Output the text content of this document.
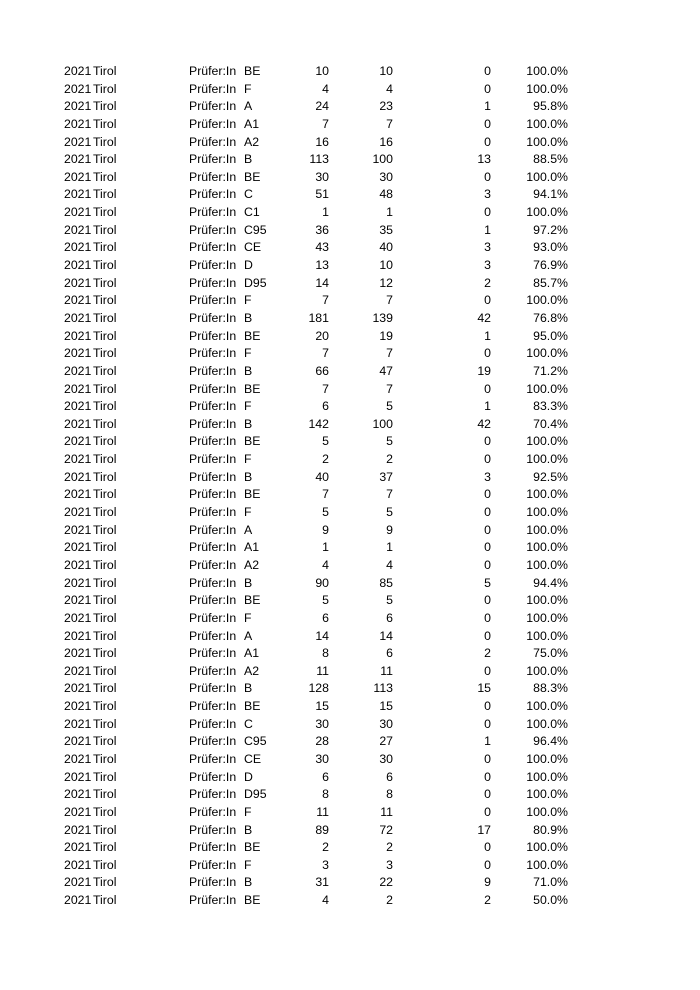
2021 Tirol	Prüfer:In BE	10	10	0	100.0%
2021 Tirol	Prüfer:In F	4	4	0	100.0%
2021 Tirol	Prüfer:In A	24	23	1	95.8%
2021 Tirol	Prüfer:In A1	7	7	0	100.0%
2021 Tirol	Prüfer:In A2	16	16	0	100.0%
2021 Tirol	Prüfer:In B	113	100	13	88.5%
2021 Tirol	Prüfer:In BE	30	30	0	100.0%
2021 Tirol	Prüfer:In C	51	48	3	94.1%
2021 Tirol	Prüfer:In C1	1	1	0	100.0%
2021 Tirol	Prüfer:In C95	36	35	1	97.2%
2021 Tirol	Prüfer:In CE	43	40	3	93.0%
2021 Tirol	Prüfer:In D	13	10	3	76.9%
2021 Tirol	Prüfer:In D95	14	12	2	85.7%
2021 Tirol	Prüfer:In F	7	7	0	100.0%
2021 Tirol	Prüfer:In B	181	139	42	76.8%
2021 Tirol	Prüfer:In BE	20	19	1	95.0%
2021 Tirol	Prüfer:In F	7	7	0	100.0%
2021 Tirol	Prüfer:In B	66	47	19	71.2%
2021 Tirol	Prüfer:In BE	7	7	0	100.0%
2021 Tirol	Prüfer:In F	6	5	1	83.3%
2021 Tirol	Prüfer:In B	142	100	42	70.4%
2021 Tirol	Prüfer:In BE	5	5	0	100.0%
2021 Tirol	Prüfer:In F	2	2	0	100.0%
2021 Tirol	Prüfer:In B	40	37	3	92.5%
2021 Tirol	Prüfer:In BE	7	7	0	100.0%
2021 Tirol	Prüfer:In F	5	5	0	100.0%
2021 Tirol	Prüfer:In A	9	9	0	100.0%
2021 Tirol	Prüfer:In A1	1	1	0	100.0%
2021 Tirol	Prüfer:In A2	4	4	0	100.0%
2021 Tirol	Prüfer:In B	90	85	5	94.4%
2021 Tirol	Prüfer:In BE	5	5	0	100.0%
2021 Tirol	Prüfer:In F	6	6	0	100.0%
2021 Tirol	Prüfer:In A	14	14	0	100.0%
2021 Tirol	Prüfer:In A1	8	6	2	75.0%
2021 Tirol	Prüfer:In A2	11	11	0	100.0%
2021 Tirol	Prüfer:In B	128	113	15	88.3%
2021 Tirol	Prüfer:In BE	15	15	0	100.0%
2021 Tirol	Prüfer:In C	30	30	0	100.0%
2021 Tirol	Prüfer:In C95	28	27	1	96.4%
2021 Tirol	Prüfer:In CE	30	30	0	100.0%
2021 Tirol	Prüfer:In D	6	6	0	100.0%
2021 Tirol	Prüfer:In D95	8	8	0	100.0%
2021 Tirol	Prüfer:In F	11	11	0	100.0%
2021 Tirol	Prüfer:In B	89	72	17	80.9%
2021 Tirol	Prüfer:In BE	2	2	0	100.0%
2021 Tirol	Prüfer:In F	3	3	0	100.0%
2021 Tirol	Prüfer:In B	31	22	9	71.0%
2021 Tirol	Prüfer:In BE	4	2	2	50.0%
